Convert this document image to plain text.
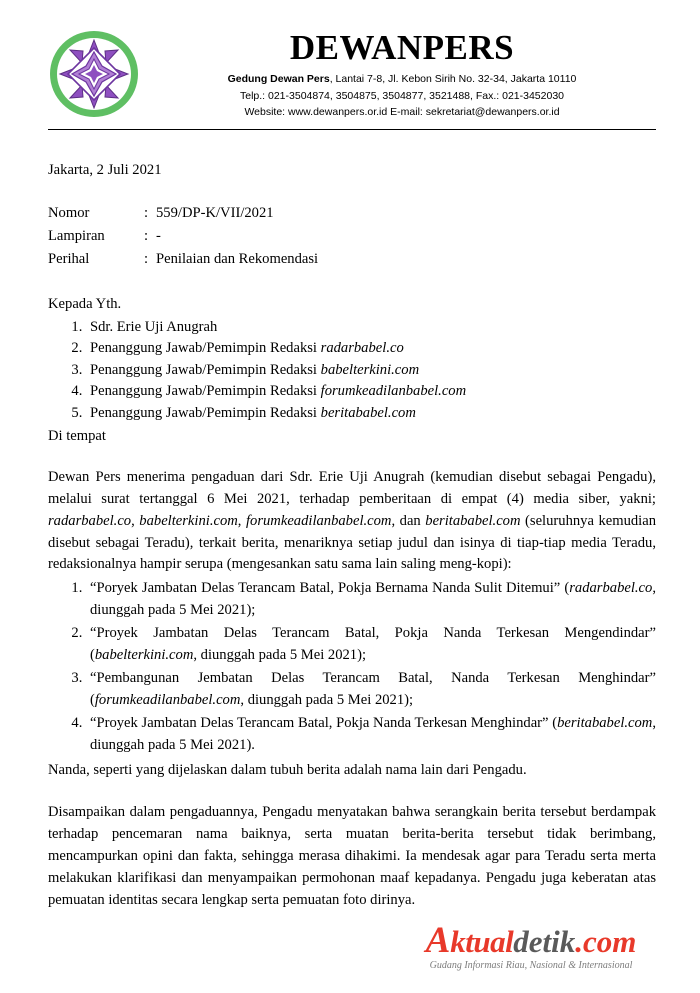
DEWANPERS
Gedung Dewan Pers, Lantai 7-8, Jl. Kebon Sirih No. 32-34, Jakarta 10110
Telp.: 021-3504874, 3504875, 3504877, 3521488, Fax.: 021-3452030
Website: www.dewanpers.or.id E-mail: sekretariat@dewanpers.or.id
Jakarta, 2 Juli 2021
Nomor	:	559/DP-K/VII/2021
Lampiran	:	-
Perihal	:	Penilaian dan Rekomendasi
Kepada Yth.
1. Sdr. Erie Uji Anugrah
2. Penanggung Jawab/Pemimpin Redaksi radarbabel.co
3. Penanggung Jawab/Pemimpin Redaksi babelterkini.com
4. Penanggung Jawab/Pemimpin Redaksi forumkeadilanbabel.com
5. Penanggung Jawab/Pemimpin Redaksi beritababel.com
Di tempat
Dewan Pers menerima pengaduan dari Sdr. Erie Uji Anugrah (kemudian disebut sebagai Pengadu), melalui surat tertanggal 6 Mei 2021, terhadap pemberitaan di empat (4) media siber, yakni; radarbabel.co, babelterkini.com, forumkeadilanbabel.com, dan beritababel.com (seluruhnya kemudian disebut sebagai Teradu), terkait berita, menariknya setiap judul dan isinya di tiap-tiap media Teradu, redaksionalnya hampir serupa (mengesankan satu sama lain saling meng-kopi):
1. “Poryek Jambatan Delas Terancam Batal, Pokja Bernama Nanda Sulit Ditemui” (radarbabel.co, diunggah pada 5 Mei 2021);
2. “Proyek Jambatan Delas Terancam Batal, Pokja Nanda Terkesan Mengendindar” (babelterkini.com, diunggah pada 5 Mei 2021);
3. “Pembangunan Jembatan Delas Terancam Batal, Nanda Terkesan Menghindar” (forumkeadilanbabel.com, diunggah pada 5 Mei 2021);
4. “Proyek Jambatan Delas Terancam Batal, Pokja Nanda Terkesan Menghindar” (beritababel.com, diunggah pada 5 Mei 2021).
Nanda, seperti yang dijelaskan dalam tubuh berita adalah nama lain dari Pengadu.
Disampaikan dalam pengaduannya, Pengadu menyatakan bahwa serangkain berita tersebut berdampak terhadap pencemaran nama baiknya, serta muatan berita-berita tersebut tidak berimbang, mencampurkan opini dan fakta, sehingga merasa dihakimi. Ia mendesak agar para Teradu serta merta melakukan klarifikasi dan menyampaikan permohonan maaf kepadanya. Pengadu juga keberatan atas pemuatan identitas secara lengkap serta pemuatan foto dirinya.
Aktualdetik.com
Gudang Informasi Riau, Nasional & Internasional
